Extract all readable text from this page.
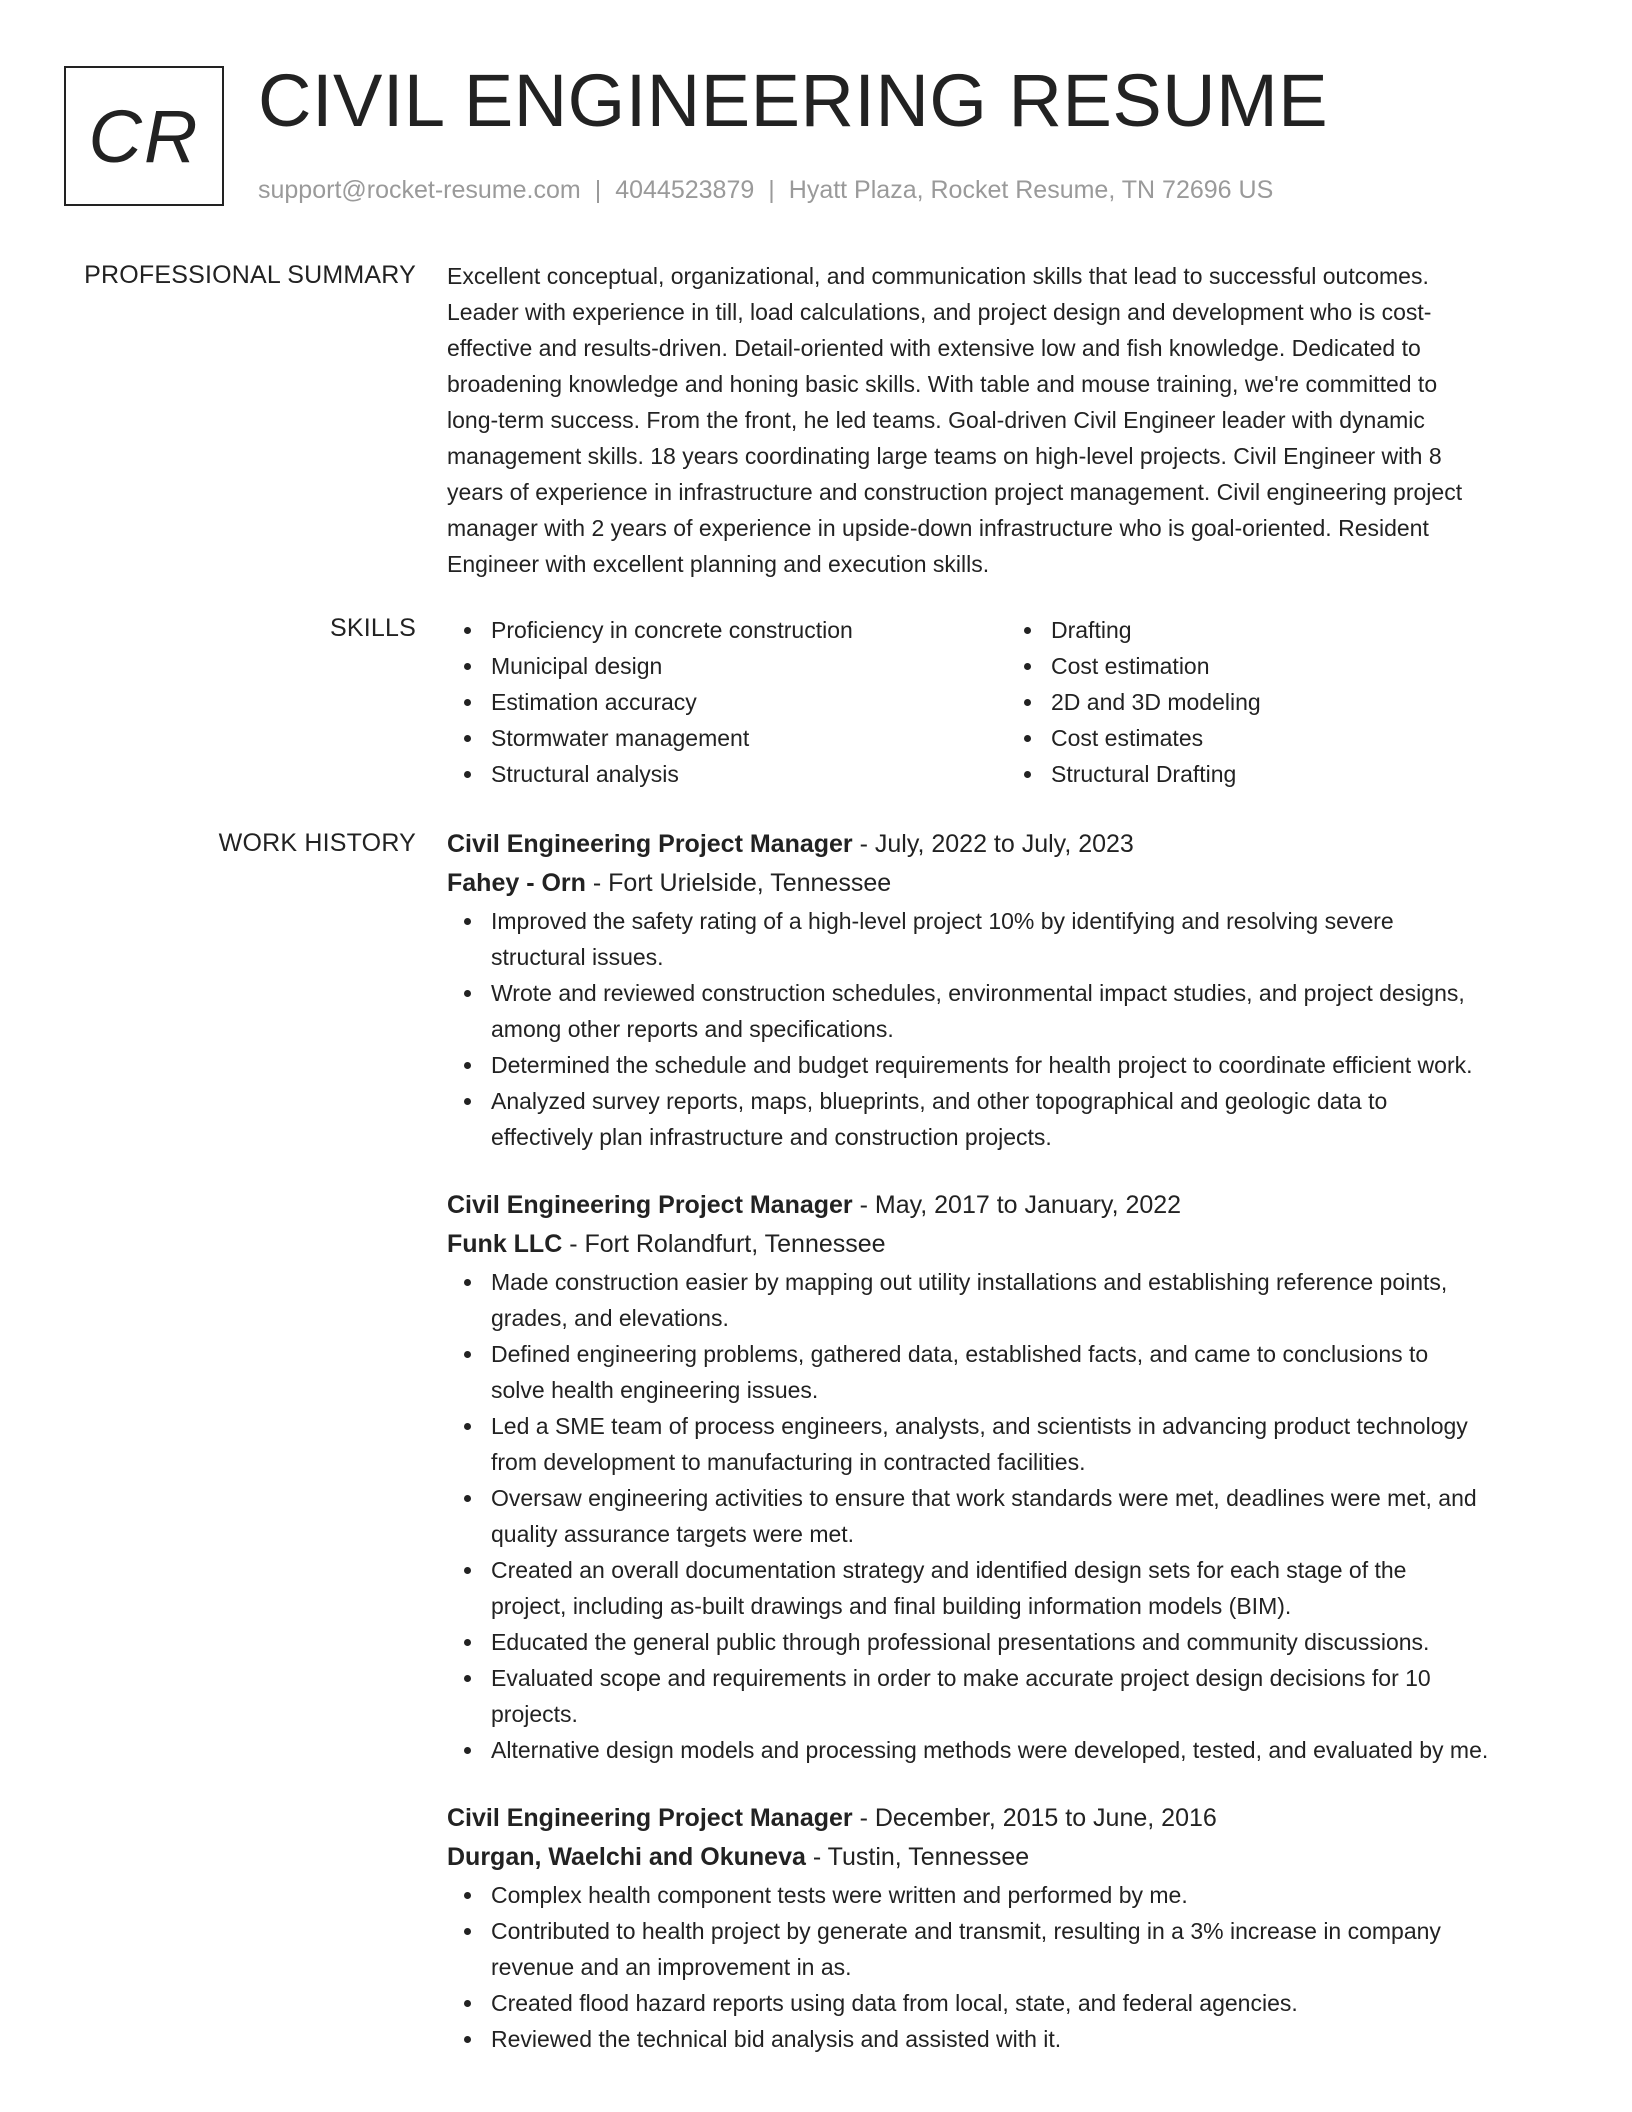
CR CIVIL ENGINEERING RESUME
support@rocket-resume.com | 4044523879 | Hyatt Plaza, Rocket Resume, TN 72696 US
PROFESSIONAL SUMMARY Excellent conceptual, organizational, and communication skills that lead to successful outcomes.
Leader with experience in till, load calculations, and project design and development who is cost-
effective and results-driven. Detail-oriented with extensive low and fish knowledge. Dedicated to
broadening knowledge and honing basic skills. With table and mouse training, we're committed to
long-term success. From the front, he led teams. Goal-driven Civil Engineer leader with dynamic
management skills. 18 years coordinating large teams on high-level projects. Civil Engineer with 8
years of experience in infrastructure and construction project management. Civil engineering project
manager with 2 years of experience in upside-down infrastructure who is goal-oriented. Resident
Engineer with excellent planning and execution skills.
SKILLS	Proficiency in concrete construction
Municipal design
Estimation accuracy
Stormwater management
Structural analysis
Drafting
Cost estimation
2D and 3D modeling
Cost estimates
Structural Drafting
WORK HISTORY Civil Engineering Project Manager - July, 2022 to July, 2023
Fahey - Orn - Fort Urielside, Tennessee
Improved the safety rating of a high-level project 10% by identifying and resolving severe
structural issues.
Wrote and reviewed construction schedules, environmental impact studies, and project designs,
among other reports and specifications.
Determined the schedule and budget requirements for health project to coordinate efficient work.
Analyzed survey reports, maps, blueprints, and other topographical and geologic data to
effectively plan infrastructure and construction projects.
Civil Engineering Project Manager - May, 2017 to January, 2022
Funk LLC - Fort Rolandfurt, Tennessee
Made construction easier by mapping out utility installations and establishing reference points,
grades, and elevations.
Defined engineering problems, gathered data, established facts, and came to conclusions to
solve health engineering issues.
Led a SME team of process engineers, analysts, and scientists in advancing product technology
from development to manufacturing in contracted facilities.
Oversaw engineering activities to ensure that work standards were met, deadlines were met, and
quality assurance targets were met.
Created an overall documentation strategy and identified design sets for each stage of the
project, including as-built drawings and final building information models (BIM).
Educated the general public through professional presentations and community discussions.
Evaluated scope and requirements in order to make accurate project design decisions for 10
projects.
Alternative design models and processing methods were developed, tested, and evaluated by me.
Civil Engineering Project Manager - December, 2015 to June, 2016
Durgan, Waelchi and Okuneva - Tustin, Tennessee
Complex health component tests were written and performed by me.
Contributed to health project by generate and transmit, resulting in a 3% increase in company
revenue and an improvement in as.
Created flood hazard reports using data from local, state, and federal agencies.
Reviewed the technical bid analysis and assisted with it.
